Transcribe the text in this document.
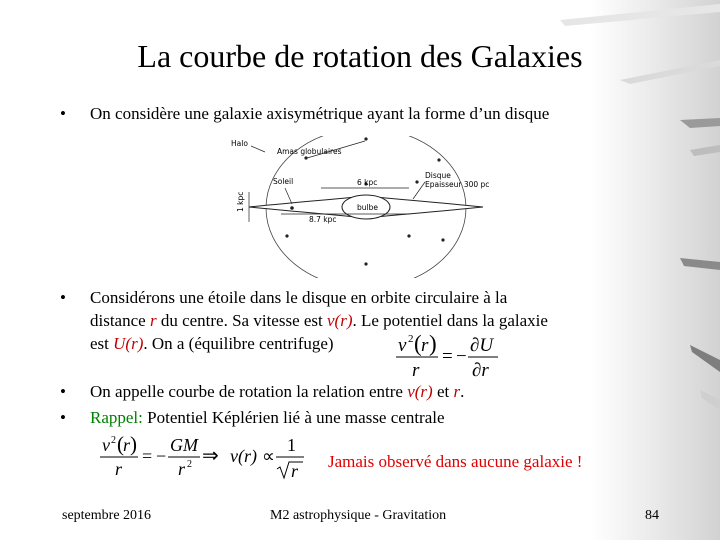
La courbe de rotation des Galaxies
• On considère une galaxie axisymétrique ayant la forme d’un disque
Halo
Amas globulaires
Soleil
Disque
Epaisseur 300 pc
6 kpc
bulbe
8.7 kpc
1 kpc
• Considérons une étoile dans le disque en orbite circulaire à la
distance r du centre. Sa vitesse est v(r). Le potentiel dans la galaxie
est U(r). On a (équilibre centrifuge)	v 2 ( r )
r
= −
∂U
∂r
• On appelle courbe de rotation la relation entre v(r) et r.
• Rappel: Potentiel Képlérien lié à une masse centrale
v 2 ( r )
r
= −
GM
r 2 ⇒ v(r) ∝
1
r Jamais observé dans aucune galaxie !
septembre 2016	M2 astrophysique - Gravitation	84
